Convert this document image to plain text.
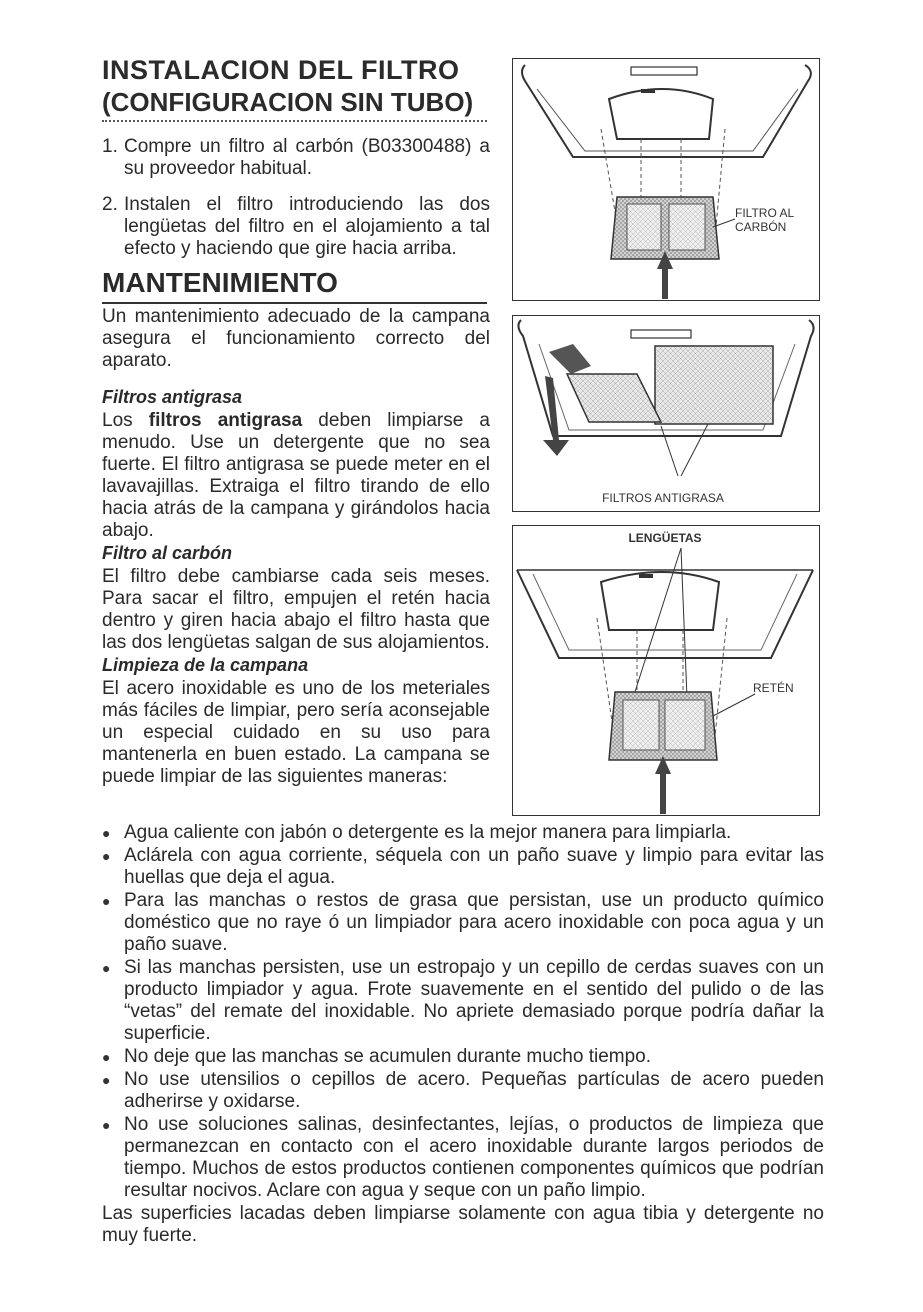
INSTALACION DEL FILTRO
(CONFIGURACION SIN TUBO)
1. Compre un filtro al carbón (B03300488) a su proveedor habitual.
2. Instalen el filtro introduciendo las dos lengüetas del filtro en el alojamiento a tal efecto y haciendo que gire hacia arriba.
MANTENIMIENTO
Un mantenimiento adecuado de la campana asegura el funcionamiento correcto del aparato.
Filtros antigrasa
Los filtros antigrasa deben limpiarse a menudo. Use un detergente que no sea fuerte. El filtro antigrasa se puede meter en el lavavajillas. Extraiga el filtro tirando de ello hacia atrás de la campana y girándolos hacia abajo.
Filtro al carbón
El filtro debe cambiarse cada seis meses. Para sacar el filtro, empujen el retén hacia dentro y giren hacia abajo el filtro hasta que las dos lengüetas salgan de sus alojamientos.
Limpieza de la campana
El acero inoxidable es uno de los meteriales más fáciles de limpiar, pero sería aconsejable un especial cuidado en su uso para mantenerla en buen estado. La campana se puede limpiar de las siguientes maneras:
FILTRO AL
CARBÓN
FILTROS ANTIGRASA
LENGÜETAS
RETÉN
● Agua caliente con jabón o detergente es la mejor manera para limpiarla.
● Aclárela con agua corriente, séquela con un paño suave y limpio para evitar las huellas que deja el agua.
● Para las manchas o restos de grasa que persistan, use un producto químico doméstico que no raye ó un limpiador para acero inoxidable con poca agua y un paño suave.
● Si las manchas persisten, use un estropajo y un cepillo de cerdas suaves con un producto limpiador y agua. Frote suavemente en el sentido del pulido o de las “vetas” del remate del inoxidable. No apriete demasiado porque podría dañar la superficie.
● No deje que las manchas se acumulen durante mucho tiempo.
● No use utensilios o cepillos de acero. Pequeñas partículas de acero pueden adherirse y oxidarse.
● No use soluciones salinas, desinfectantes, lejías, o productos de limpieza que permanezcan en contacto con el acero inoxidable durante largos periodos de tiempo. Muchos de estos productos contienen componentes químicos que podrían resultar nocivos. Aclare con agua y seque con un paño limpio.
Las superficies lacadas deben limpiarse solamente con agua tibia y detergente no muy fuerte.
